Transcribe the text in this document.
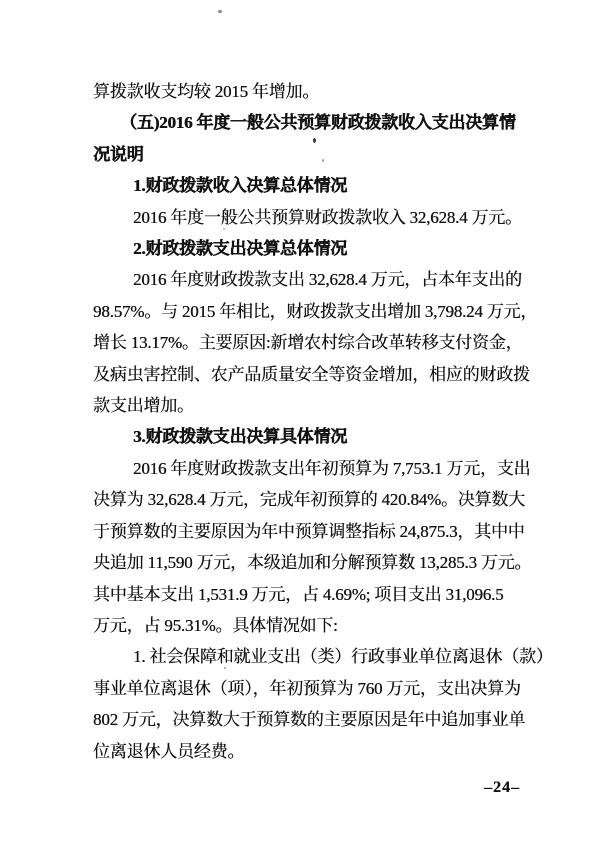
算拨款收支均较 2015 年增加。
（五)2016 年度一般公共预算财政拨款收入支出决算情
况说明
1.财政拨款收入决算总体情况
2016 年度一般公共预算财政拨款收入 32,628.4 万元。
2.财政拨款支出决算总体情况
2016 年度财政拨款支出 32,628.4 万元，占本年支出的
98.57%。与 2015 年相比，财政拨款支出增加 3,798.24 万元，
增长 13.17%。主要原因:新增农村综合改革转移支付资金，
及病虫害控制、农产品质量安全等资金增加，相应的财政拨
款支出增加。
3.财政拨款支出决算具体情况
2016 年度财政拨款支出年初预算为 7,753.1 万元，支出
决算为 32,628.4 万元，完成年初预算的 420.84%。决算数大
于预算数的主要原因为年中预算调整指标 24,875.3，其中中
央追加 11,590 万元，本级追加和分解预算数 13,285.3 万元。
其中基本支出 1,531.9 万元，占 4.69%; 项目支出 31,096.5
万元，占 95.31%。具体情况如下:
1. 社会保障和就业支出（类）行政事业单位离退休（款）
事业单位离退休（项），年初预算为 760 万元，支出决算为
802 万元，决算数大于预算数的主要原因是年中追加事业单
位离退休人员经费。
–24–
